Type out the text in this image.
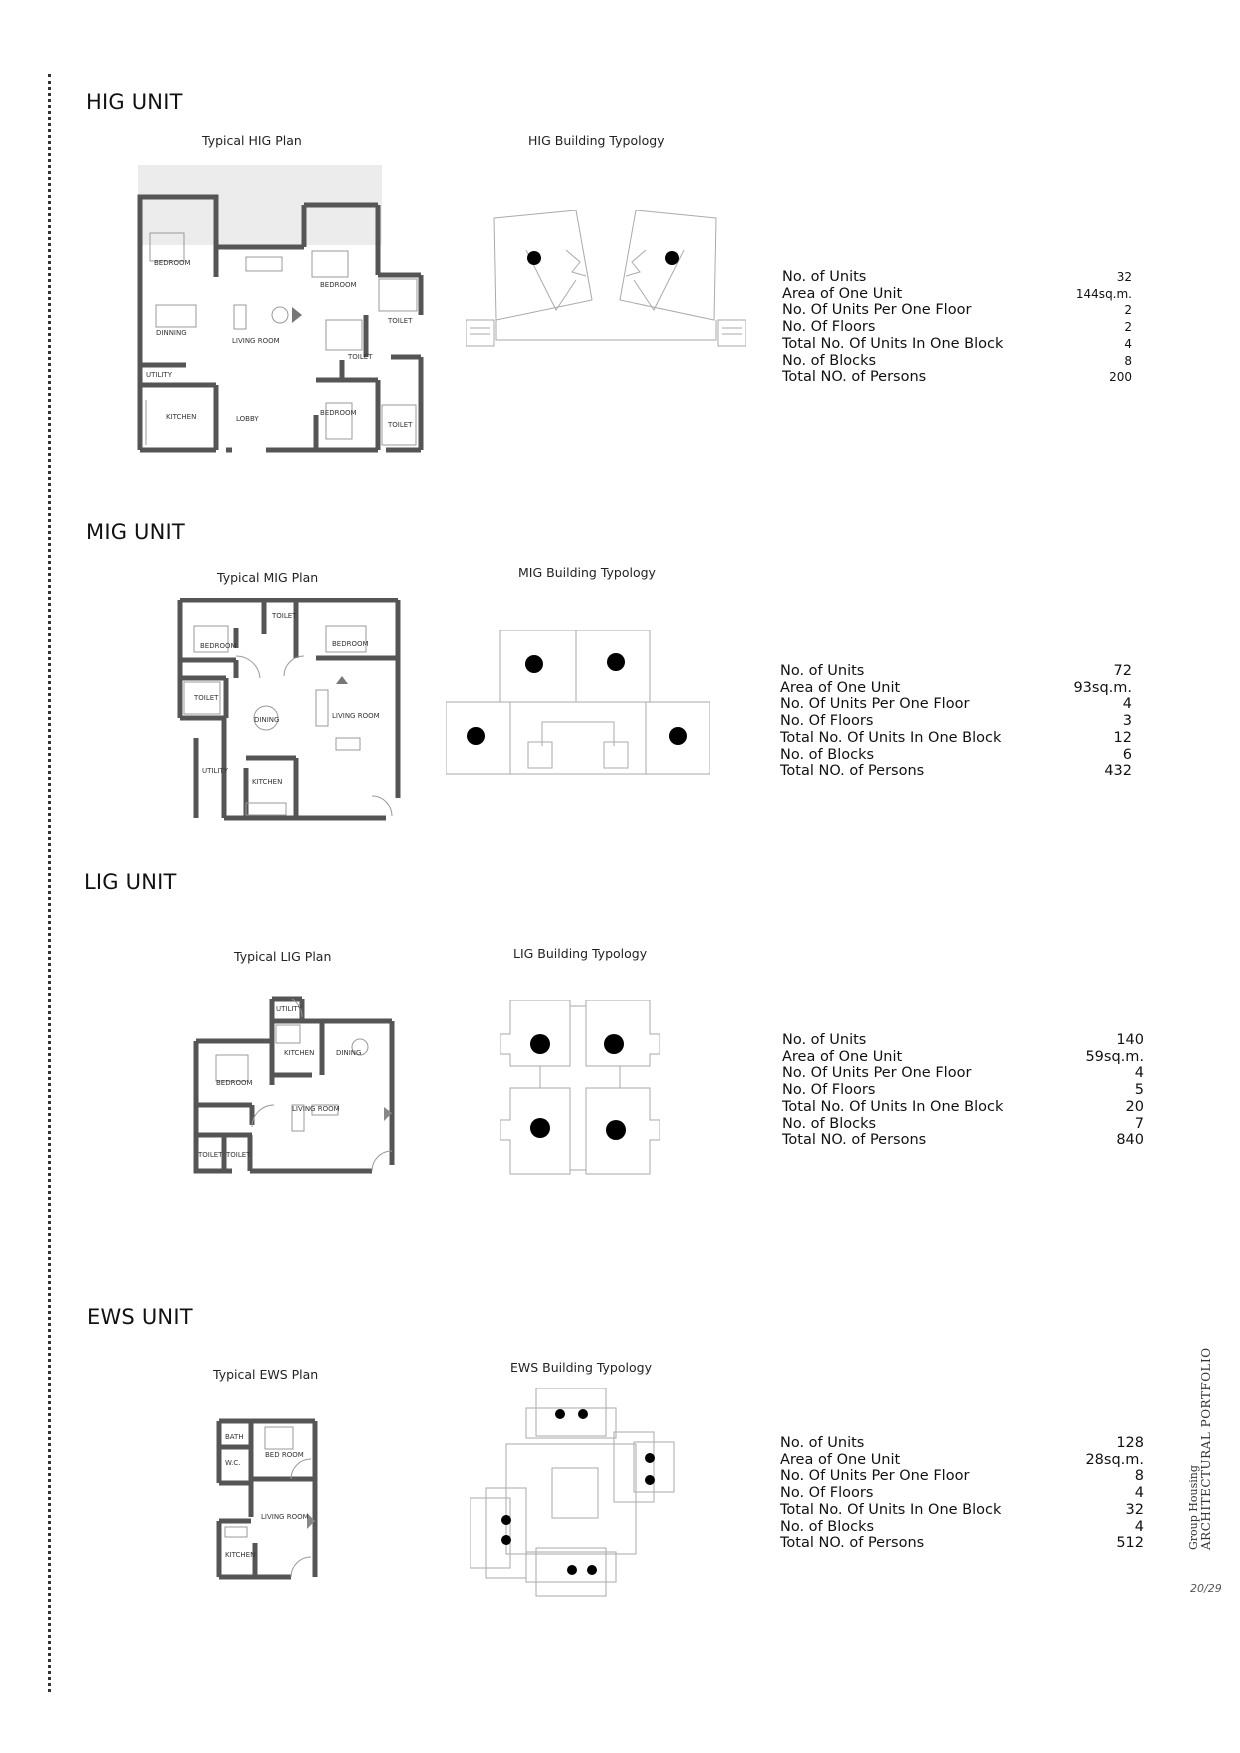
HIG UNIT
Typical HIG Plan	HIG Building Typology
BEDROOM
BEDROOM
DINNING
LIVING ROOM
TOILET
TOILET
UTILITY
KITCHEN	LOBBY
BEDROOM
TOILET
No. of Units	32
Area of One Unit	144sq.m.
No. Of Units Per One Floor	2
No. Of Floors	2
Total No. Of Units In One Block	4
No. of Blocks	8
Total NO. of Persons	200
MIG UNIT
Typical MIG Plan	MIG Building Typology
TOILET
BEDROOM	BEDROOM
TOILET
DINING	LIVING ROOM
UTILITY
KITCHEN
No. of Units	72
Area of One Unit	93sq.m.
No. Of Units Per One Floor	4
No. Of Floors	3
Total No. Of Units In One Block	12
No. of Blocks	6
Total NO. of Persons	432
LIG UNIT
Typical LIG Plan	LIG Building Typology
UTILITY
KITCHEN	DINING
BEDROOM
LIVING ROOM
TOILET TOILET
No. of Units	140
Area of One Unit	59sq.m.
No. Of Units Per One Floor	4
No. Of Floors	5
Total No. Of Units In One Block	20
No. of Blocks	7
Total NO. of Persons	840
EWS UNIT
Typical EWS Plan	EWS Building Typology
BATH
W.C.
BED ROOM
LIVING ROOM
KITCHEN
No. of Units	128
Area of One Unit	28sq.m.
No. Of Units Per One Floor	8
No. Of Floors	4
Total No. Of Units In One Block	32
No. of Blocks	4
Total NO. of Persons	512	Group Housing ARCHITECTURAL PORTFOLIO
20/29
